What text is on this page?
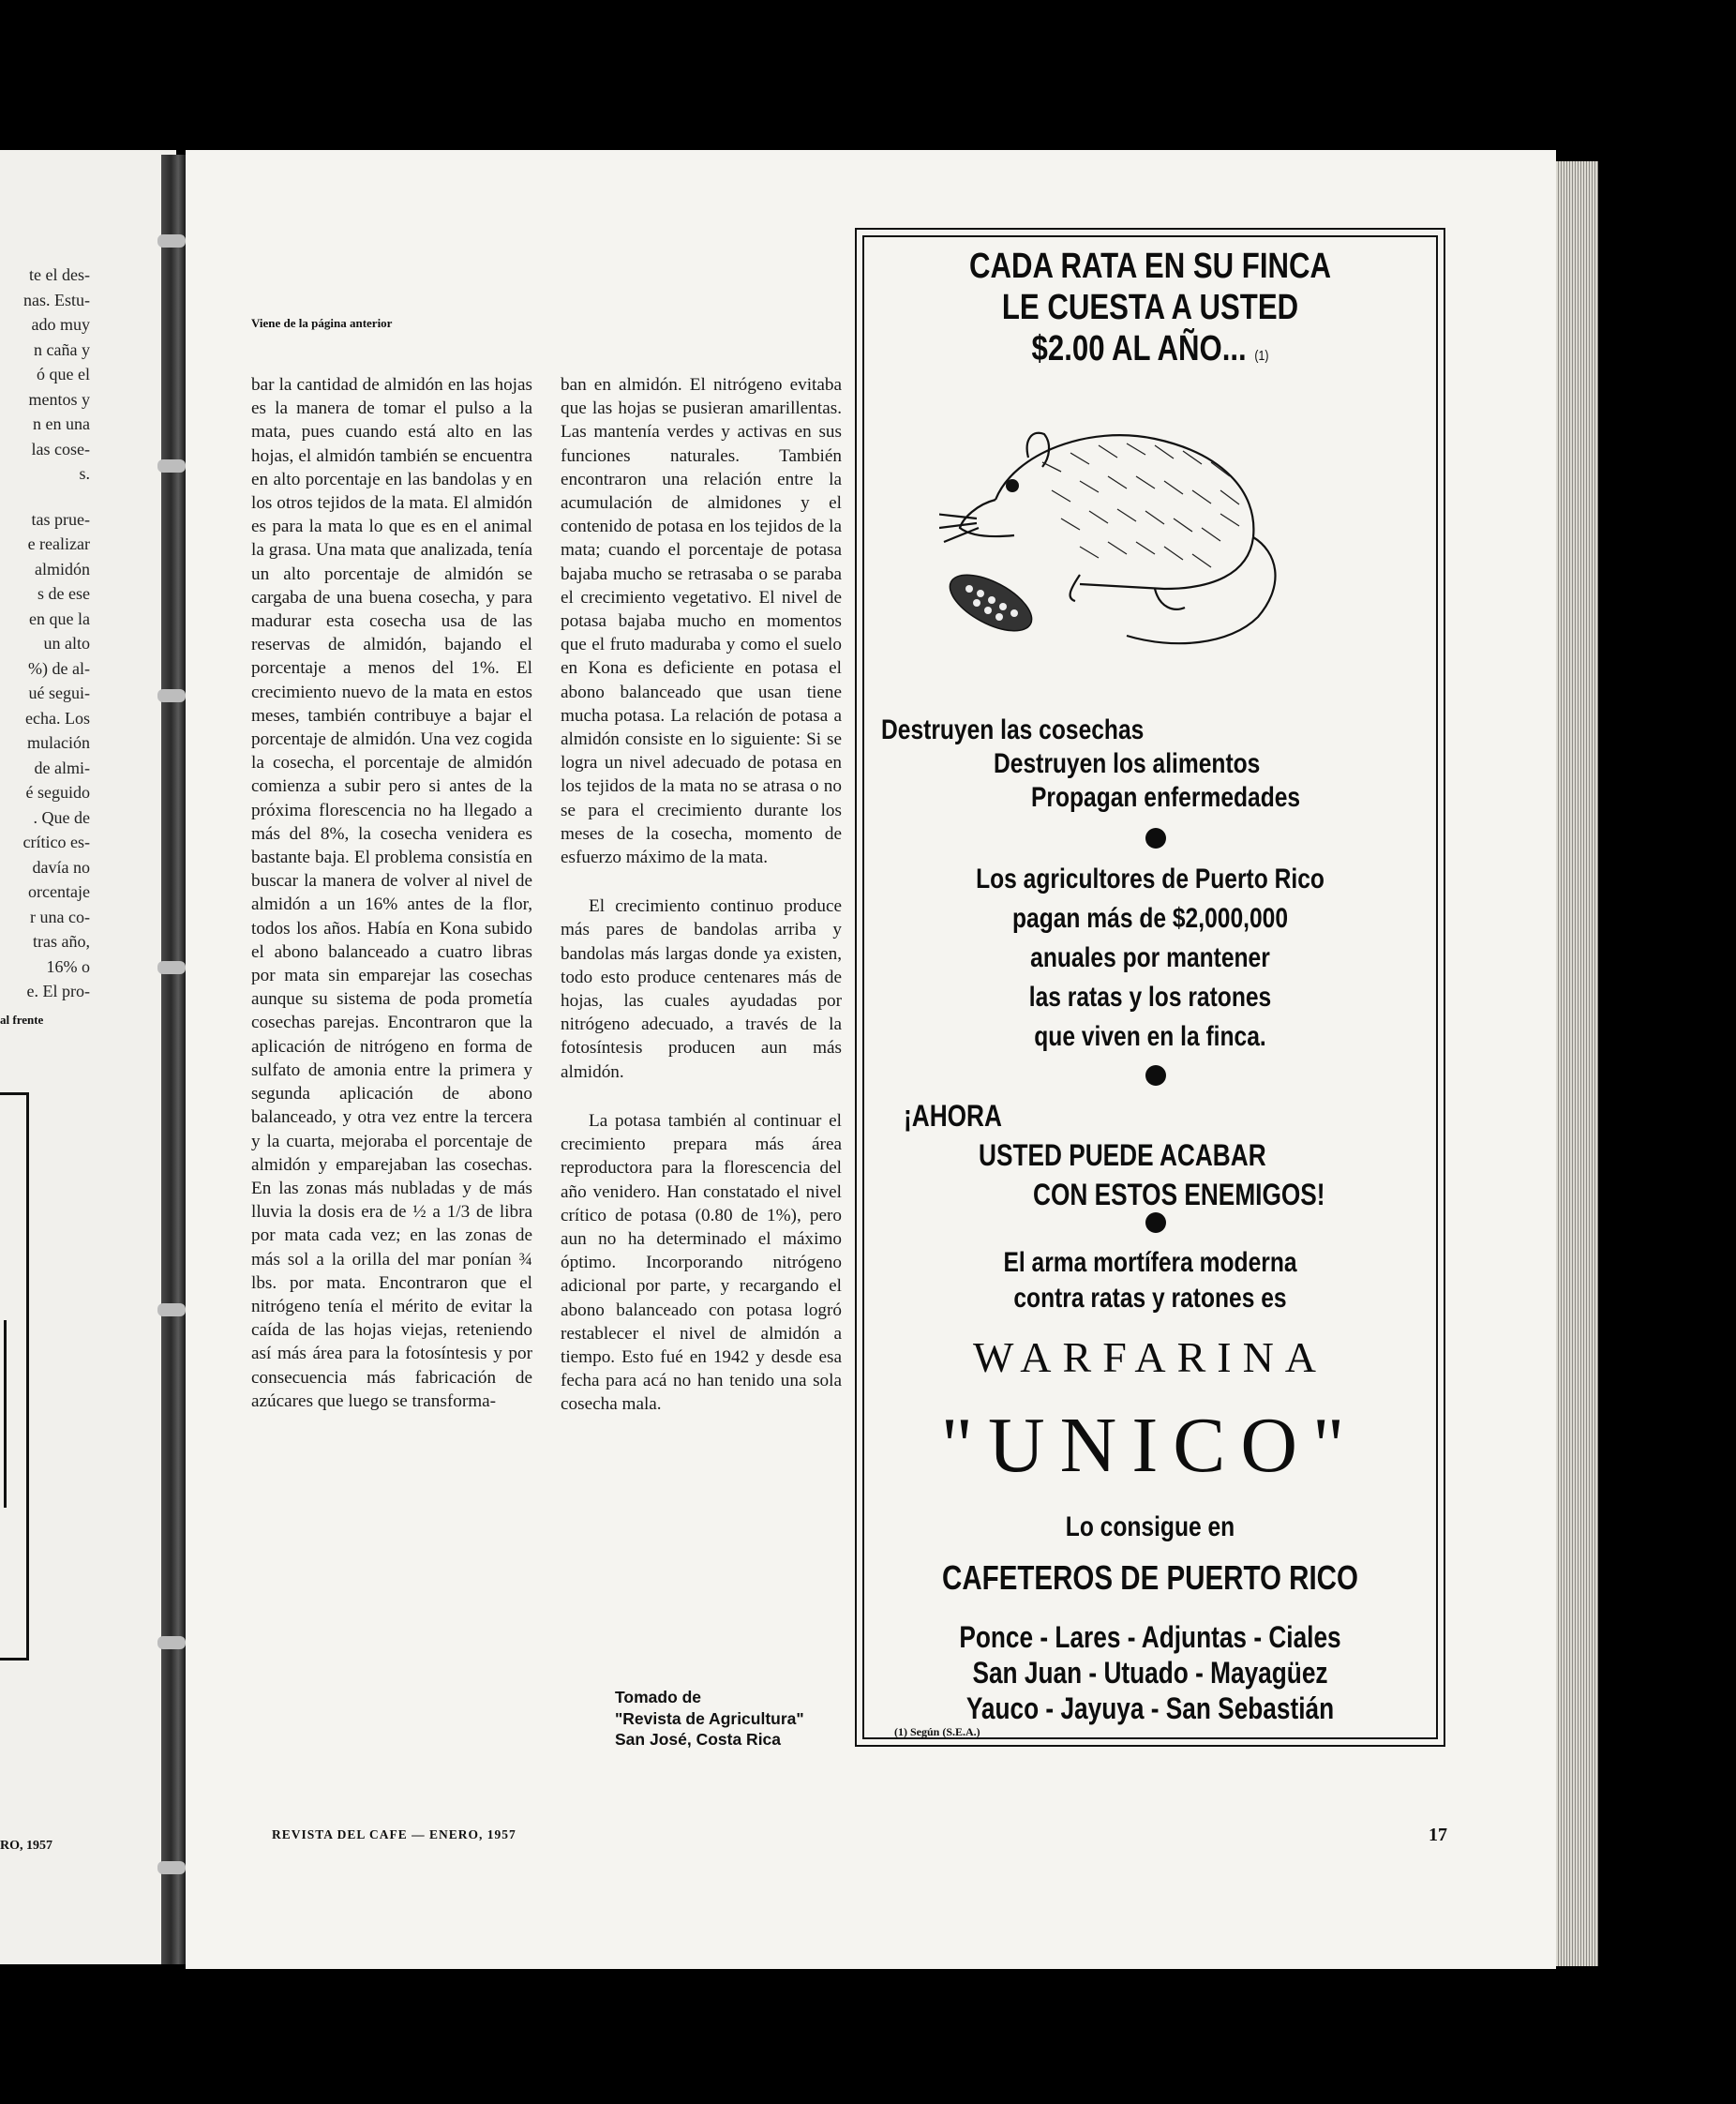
te el des-

nas. Estu-

ado muy

n caña y

ó que el

mentos y

n en una

las cose-

s.

tas prue-

e realizar

almidón

s de ese

en que la

un alto

%) de al-

ué segui-

echa. Los

mulación

de almi-

é seguido

. Que de

crítico es-

davía no

orcentaje

r una co-

tras año,

16% o

e. El pro-

al frente
RO, 1957
Viene de la página anterior

bar la cantidad de almidón en las hojas es la manera de tomar el pulso a la mata, pues cuando está alto en las hojas, el almidón también se encuentra en alto porcentaje en las bandolas y en los otros tejidos de la mata. El almidón es para la mata lo que es en el animal la grasa. Una mata que analizada, tenía un alto porcentaje de almidón se cargaba de una buena cosecha, y para madurar esta cosecha usa de las reservas de almidón, bajando el porcentaje a menos del 1%. El crecimiento nuevo de la mata en estos meses, también contribuye a bajar el porcentaje de almidón. Una vez cogida la cosecha, el porcentaje de almidón comienza a subir pero si antes de la próxima florescencia no ha llegado a más del 8%, la cosecha venidera es bastante baja. El problema consistía en buscar la manera de volver al nivel de almidón a un 16% antes de la flor, todos los años. Había en Kona subido el abono balanceado a cuatro libras por mata sin emparejar las cosechas aunque su sistema de poda prometía cosechas parejas. Encontraron que la aplicación de nitrógeno en forma de sulfato de amonia entre la primera y segunda aplicación de abono balanceado, y otra vez entre la tercera y la cuarta, mejoraba el porcentaje de almidón y emparejaban las cosechas. En las zonas más nubladas y de más lluvia la dosis era de ½ a 1/3 de libra por mata cada vez; en las zonas de más sol a la orilla del mar ponían ¾ lbs. por mata. Encontraron que el nitrógeno tenía el mérito de evitar la caída de las hojas viejas, reteniendo así más área para la fotosíntesis y por consecuencia más fabricación de azúcares que luego se transforma-

ban en almidón. El nitrógeno evitaba que las hojas se pusieran amarillentas. Las mantenía verdes y activas en sus funciones naturales. También encontraron una relación entre la acumulación de almidones y el contenido de potasa en los tejidos de la mata; cuando el porcentaje de potasa bajaba mucho se retrasaba o se paraba el crecimiento vegetativo. El nivel de potasa bajaba mucho en momentos que el fruto maduraba y como el suelo en Kona es deficiente en potasa el abono balanceado que usan tiene mucha potasa. La relación de potasa a almidón consiste en lo siguiente: Si se logra un nivel adecuado de potasa en los tejidos de la mata no se atrasa o no se para el crecimiento durante los meses de la cosecha, momento de esfuerzo máximo de la mata.

El crecimiento continuo produce más pares de bandolas arriba y bandolas más largas donde ya existen, todo esto produce centenares más de hojas, las cuales ayudadas por nitrógeno adecuado, a través de la fotosíntesis producen aun más almidón.

La potasa también al continuar el crecimiento prepara más área reproductora para la florescencia del año venidero. Han constatado el nivel crítico de potasa (0.80 de 1%), pero aun no ha determinado el máximo óptimo. Incorporando nitrógeno adicional por parte, y recargando el abono balanceado con potasa logró restablecer el nivel de almidón a tiempo. Esto fué en 1942 y desde esa fecha para acá no han tenido una sola cosecha mala.

Tomado de

"Revista de Agricultura"

San José, Costa Rica

CADA RATA EN SU FINCA
LE CUESTA A USTED
$2.00 AL AÑO... (1)
Destruyen las cosechas
Destruyen los alimentos
Propagan enfermedades
Los agricultores de Puerto Rico
pagan más de $2,000,000
anuales por mantener
las ratas y los ratones
que viven en la finca.
¡AHORA
USTED PUEDE ACABAR
CON ESTOS ENEMIGOS!
El arma mortífera moderna
contra ratas y ratones es
WARFARINA
"UNICO"
Lo consigue en
CAFETEROS DE PUERTO RICO
Ponce - Lares - Adjuntas - Ciales
San Juan - Utuado - Mayagüez
Yauco - Jayuya - San Sebastián
(1) Según (S.E.A.)
REVISTA DEL CAFE — ENERO, 1957	17
